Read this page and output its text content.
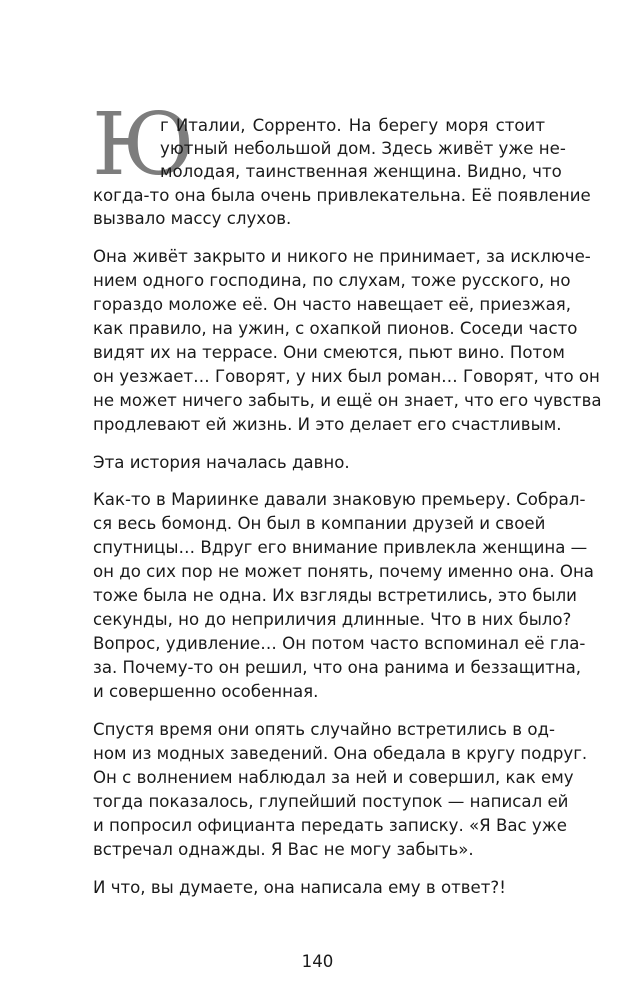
Ю
г Италии, Сорренто. На берегу моря стоит
уютный небольшой дом. Здесь живёт уже не-
молодая, таинственная женщина. Видно, что
когда-то она была очень привлекательна. Её появление
вызвало массу слухов.
Она живёт закрыто и никого не принимает, за исключе-
нием одного господина, по слухам, тоже русского, но
гораздо моложе её. Он часто навещает её, приезжая,
как правило, на ужин, с охапкой пионов. Соседи часто
видят их на террасе. Они смеются, пьют вино. Потом
он уезжает… Говорят, у них был роман… Говорят, что он
не может ничего забыть, и ещё он знает, что его чувства
продлевают ей жизнь. И это делает его счастливым.
Эта история началась давно.
Как-то в Мариинке давали знаковую премьеру. Собрал-
ся весь бомонд. Он был в компании друзей и своей
спутницы… Вдруг его внимание привлекла женщина —
он до сих пор не может понять, почему именно она. Она
тоже была не одна. Их взгляды встретились, это были
секунды, но до неприличия длинные. Что в них было?
Вопрос, удивление… Он потом часто вспоминал её гла-
за. Почему-то он решил, что она ранима и беззащитна,
и совершенно особенная.
Спустя время они опять случайно встретились в од-
ном из модных заведений. Она обедала в кругу подруг.
Он с волнением наблюдал за ней и совершил, как ему
тогда показалось, глупейший поступок — написал ей
и попросил официанта передать записку. «Я Вас уже
встречал однажды. Я Вас не могу забыть».
И что, вы думаете, она написала ему в ответ?!
140
